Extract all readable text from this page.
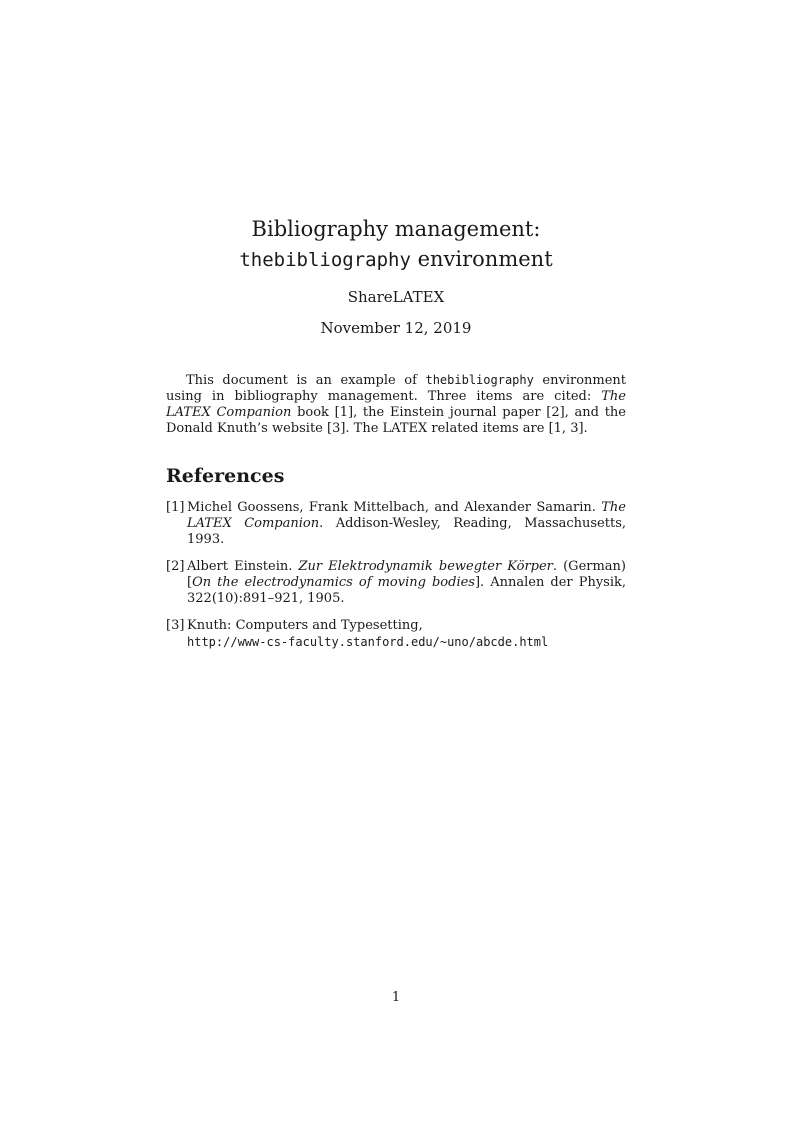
Bibliography management:
thebibliography environment
ShareLATEX
November 12, 2019
This document is an example of thebibliography environment using in bibliography management. Three items are cited: The LATEX Companion book [1], the Einstein journal paper [2], and the Donald Knuth’s website [3]. The LATEX related items are [1, 3].
References
[1] Michel Goossens, Frank Mittelbach, and Alexander Samarin. The LATEX Companion. Addison-Wesley, Reading, Massachusetts, 1993.
[2] Albert Einstein. Zur Elektrodynamik bewegter Körper. (German) [On the electrodynamics of moving bodies]. Annalen der Physik, 322(10):891–921, 1905.
[3] Knuth: Computers and Typesetting,
http://www-cs-faculty.stanford.edu/~uno/abcde.html
1
